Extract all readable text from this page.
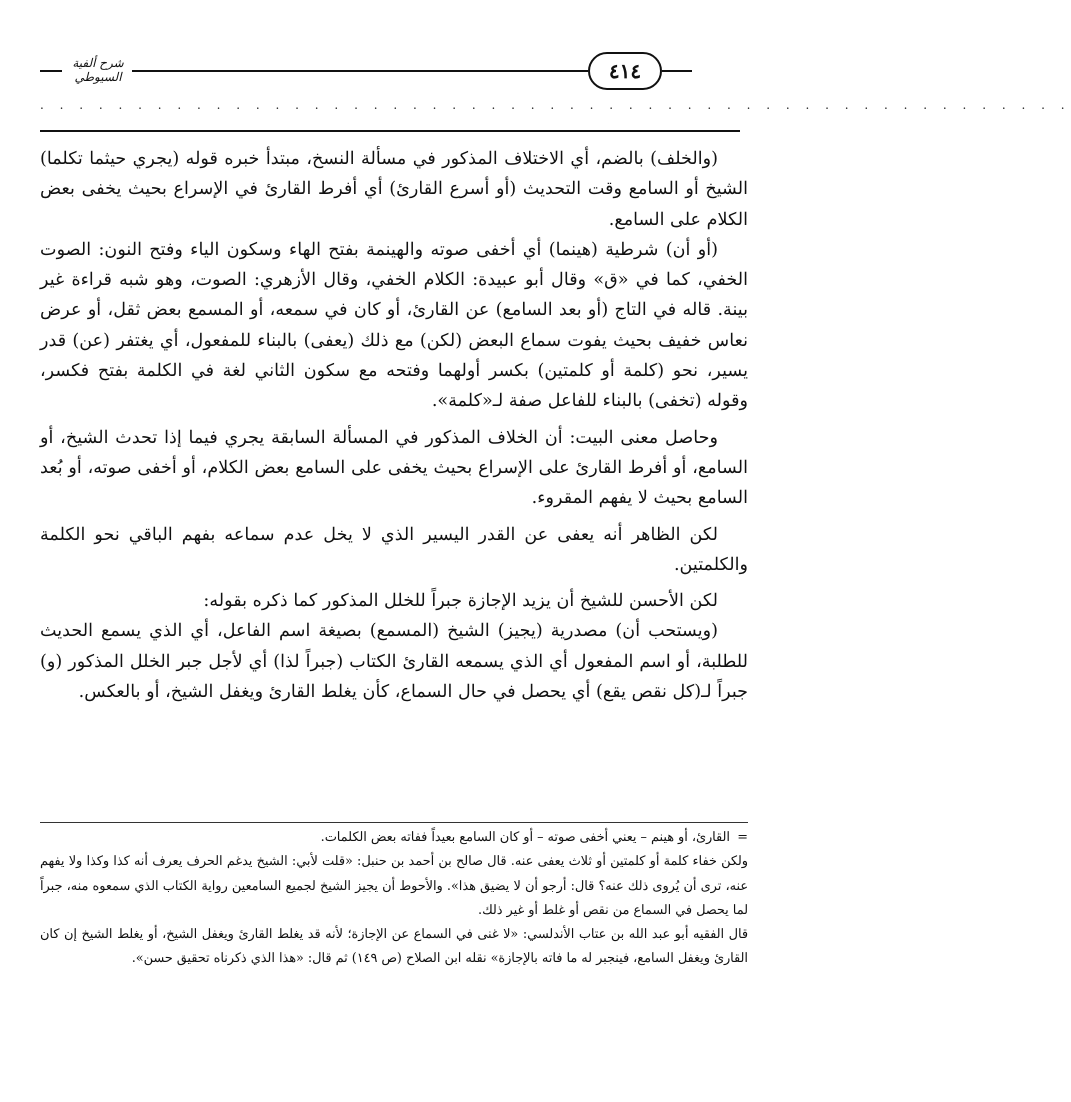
شرح ألفية السيوطي	٤١٤
. . . . . . . . . . . . . . . . . . . . . . . . . . . . . . . . . . . . . . . . . . . . . . . . . . . . .

(والخلف) بالضم، أي الاختلاف المذكور في مسألة النسخ، مبتدأ خبره قوله (يجري حيثما تكلما) الشيخ أو السامع وقت التحديث (أو أسرع القارئ) أي أفرط القارئ في الإسراع بحيث يخفى بعض الكلام على السامع.

(أو أن) شرطية (هينما) أي أخفى صوته والهينمة بفتح الهاء وسكون الياء وفتح النون: الصوت الخفي، كما في «ق» وقال أبو عبيدة: الكلام الخفي، وقال الأزهري: الصوت، وهو شبه قراءة غير بينة. قاله في التاج (أو بعد السامع) عن القارئ، أو كان في سمعه، أو المسمع بعض ثقل، أو عرض نعاس خفيف بحيث يفوت سماع البعض (لكن) مع ذلك (يعفى) بالبناء للمفعول، أي يغتفر (عن) قدر يسير، نحو (كلمة أو كلمتين) بكسر أولهما وفتحه مع سكون الثاني لغة في الكلمة بفتح فكسر، وقوله (تخفى) بالبناء للفاعل صفة لـ«كلمة».

وحاصل معنى البيت: أن الخلاف المذكور في المسألة السابقة يجري فيما إذا تحدث الشيخ، أو السامع، أو أفرط القارئ على الإسراع بحيث يخفى على السامع بعض الكلام، أو أخفى صوته، أو بُعد السامع بحيث لا يفهم المقروء.

لكن الظاهر أنه يعفى عن القدر اليسير الذي لا يخل عدم سماعه بفهم الباقي نحو الكلمة والكلمتين.

لكن الأحسن للشيخ أن يزيد الإجازة جبراً للخلل المذكور كما ذكره بقوله:

(ويستحب أن) مصدرية (يجيز) الشيخ (المسمع) بصيغة اسم الفاعل، أي الذي يسمع الحديث للطلبة، أو اسم المفعول أي الذي يسمعه القارئ الكتاب (جبراً لذا) أي لأجل جبر الخلل المذكور (و) جبراً لـ(كل نقص يقع) أي يحصل في حال السماع، كأن يغلط القارئ ويغفل الشيخ، أو بالعكس.

=القارئ، أو هينم – يعني أخفى صوته – أو كان السامع بعيداً ففاته بعض الكلمات.

ولكن خفاء كلمة أو كلمتين أو ثلاث يعفى عنه. قال صالح بن أحمد بن حنبل: «قلت لأبي: الشيخ يدغم الحرف يعرف أنه كذا وكذا ولا يفهم عنه، ترى أن يُروى ذلك عنه؟ قال: أرجو أن لا يضيق هذا». والأحوط أن يجيز الشيخ لجميع السامعين رواية الكتاب الذي سمعوه منه، جبراً لما يحصل في السماع من نقص أو غلط أو غير ذلك.

قال الفقيه أبو عبد الله بن عتاب الأندلسي: «لا غنى في السماع عن الإجازة؛ لأنه قد يغلط القارئ ويغفل الشيخ، أو يغلط الشيخ إن كان القارئ ويغفل السامع، فينجبر له ما فاته بالإجازة» نقله ابن الصلاح (ص ١٤٩) ثم قال: «هذا الذي ذكرناه تحقيق حسن».
